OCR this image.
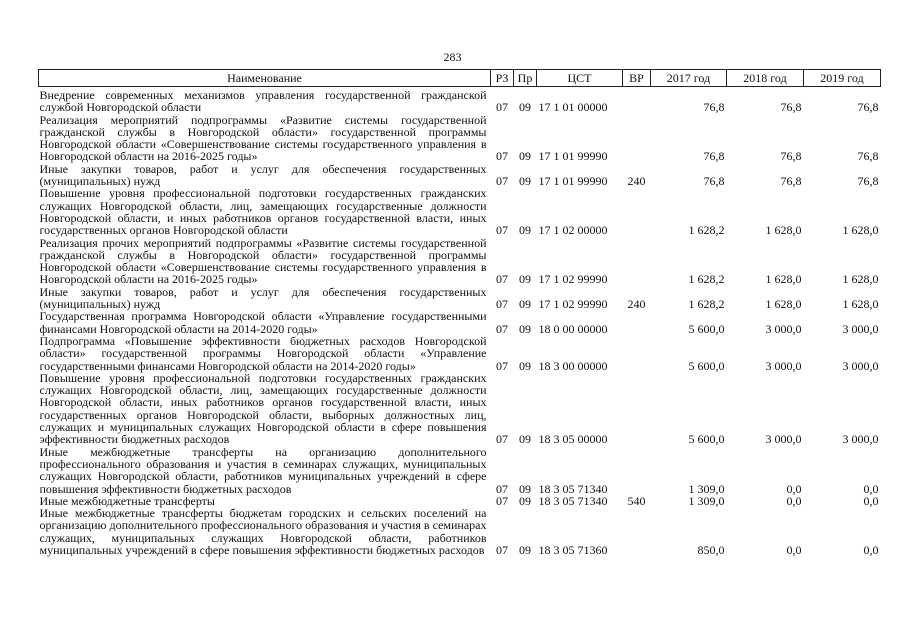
283
Наименование	РЗ	Пр	ЦСТ	ВР	2017 год	2018 год	2019 год
Внедрение современных механизмов управления государственной гражданской службой Новгородской области	07	09	17 1 01 00000		76,8	76,8	76,8
Реализация мероприятий подпрограммы «Развитие системы государственной гражданской службы в Новгородской области» государственной программы Новгородской области «Совершенствование системы государственного управления в Новгородской области на 2016-2025 годы»	07	09	17 1 01 99990		76,8	76,8	76,8
Иные закупки товаров, работ и услуг для обеспечения государственных (муниципальных) нужд	07	09	17 1 01 99990	240	76,8	76,8	76,8
Повышение уровня профессиональной подготовки государственных гражданских служащих Новгородской области, лиц, замещающих государственные должности Новгородской области, и иных работников органов государственной власти, иных государственных органов Новгородской области	07	09	17 1 02 00000		1 628,2	1 628,0	1 628,0
Реализация прочих мероприятий подпрограммы «Развитие системы государственной гражданской службы в Новгородской области» государственной программы Новгородской области «Совершенствование системы государственного управления в Новгородской области на 2016-2025 годы»	07	09	17 1 02 99990		1 628,2	1 628,0	1 628,0
Иные закупки товаров, работ и услуг для обеспечения государственных (муниципальных) нужд	07	09	17 1 02 99990	240	1 628,2	1 628,0	1 628,0
Государственная программа Новгородской области «Управление государственными финансами Новгородской области на 2014-2020 годы»	07	09	18 0 00 00000		5 600,0	3 000,0	3 000,0
Подпрограмма «Повышение эффективности бюджетных расходов Новгородской области» государственной программы Новгородской области «Управление государственными финансами Новгородской области на 2014-2020 годы»	07	09	18 3 00 00000		5 600,0	3 000,0	3 000,0
Повышение уровня профессиональной подготовки государственных гражданских служащих Новгородской области, лиц, замещающих государственные должности Новгородской области, иных работников органов государственной власти, иных государственных органов Новгородской области, выборных должностных лиц, служащих и муниципальных служащих Новгородской области в сфере повышения эффективности бюджетных расходов	07	09	18 3 05 00000		5 600,0	3 000,0	3 000,0
Иные межбюджетные трансферты на организацию дополнительного профессионального образования и участия в семинарах служащих, муниципальных служащих Новгородской области, работников муниципальных учреждений в сфере повышения эффективности бюджетных расходов	07	09	18 3 05 71340		1 309,0	0,0	0,0
Иные межбюджетные трансферты	07	09	18 3 05 71340	540	1 309,0	0,0	0,0
Иные межбюджетные трансферты бюджетам городских и сельских поселений на организацию дополнительного профессионального образования и участия в семинарах служащих, муниципальных служащих Новгородской области, работников муниципальных учреждений в сфере повышения эффективности бюджетных расходов	07	09	18 3 05 71360		850,0	0,0	0,0
